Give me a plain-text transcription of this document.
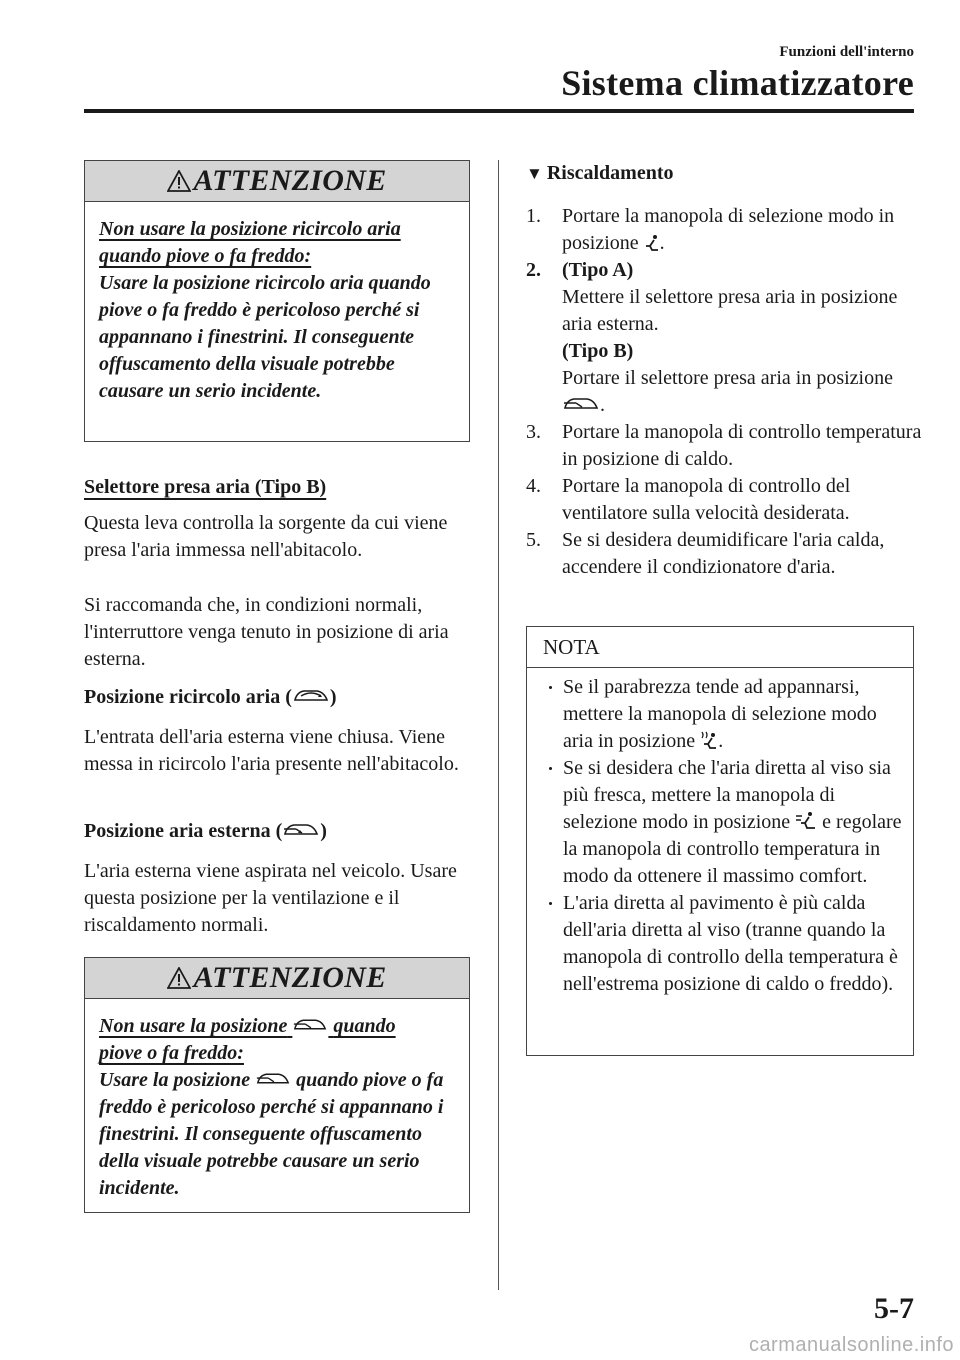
Funzioni dell'interno
Sistema climatizzatore
ATTENZIONE
Non usare la posizione ricircolo aria
quando piove o fa freddo:
Usare la posizione ricircolo aria quando piove o fa freddo è pericoloso perché si appannano i finestrini. Il conseguente offuscamento della visuale potrebbe causare un serio incidente.
Selettore presa aria (Tipo B)
Questa leva controlla la sorgente da cui viene presa l'aria immessa nell'abitacolo.
Si raccomanda che, in condizioni normali, l'interruttore venga tenuto in posizione di aria esterna.
Posizione ricircolo aria ( )
L'entrata dell'aria esterna viene chiusa. Viene messa in ricircolo l'aria presente nell'abitacolo.
Posizione aria esterna ( )
L'aria esterna viene aspirata nel veicolo. Usare questa posizione per la ventilazione e il riscaldamento normali.
ATTENZIONE
Non usare la posizione quando
piove o fa freddo:
Usare la posizione quando piove o fa freddo è pericoloso perché si appannano i finestrini. Il conseguente offuscamento della visuale potrebbe causare un serio incidente.
▼ Riscaldamento
1. Portare la manopola di selezione modo in posizione .
2. (Tipo A)
Mettere il selettore presa aria in posizione aria esterna.
(Tipo B)
Portare il selettore presa aria in posizione .
3. Portare la manopola di controllo temperatura in posizione di caldo.
4. Portare la manopola di controllo del ventilatore sulla velocità desiderata.
5. Se si desidera deumidificare l'aria calda, accendere il condizionatore d'aria.
NOTA
Se il parabrezza tende ad appannarsi, mettere la manopola di selezione modo aria in posizione .
Se si desidera che l'aria diretta al viso sia più fresca, mettere la manopola di selezione modo in posizione e regolare la manopola di controllo temperatura in modo da ottenere il massimo comfort.
L'aria diretta al pavimento è più calda dell'aria diretta al viso (tranne quando la manopola di controllo della temperatura è nell'estrema posizione di caldo o freddo).
5-7
carmanualsonline.info
